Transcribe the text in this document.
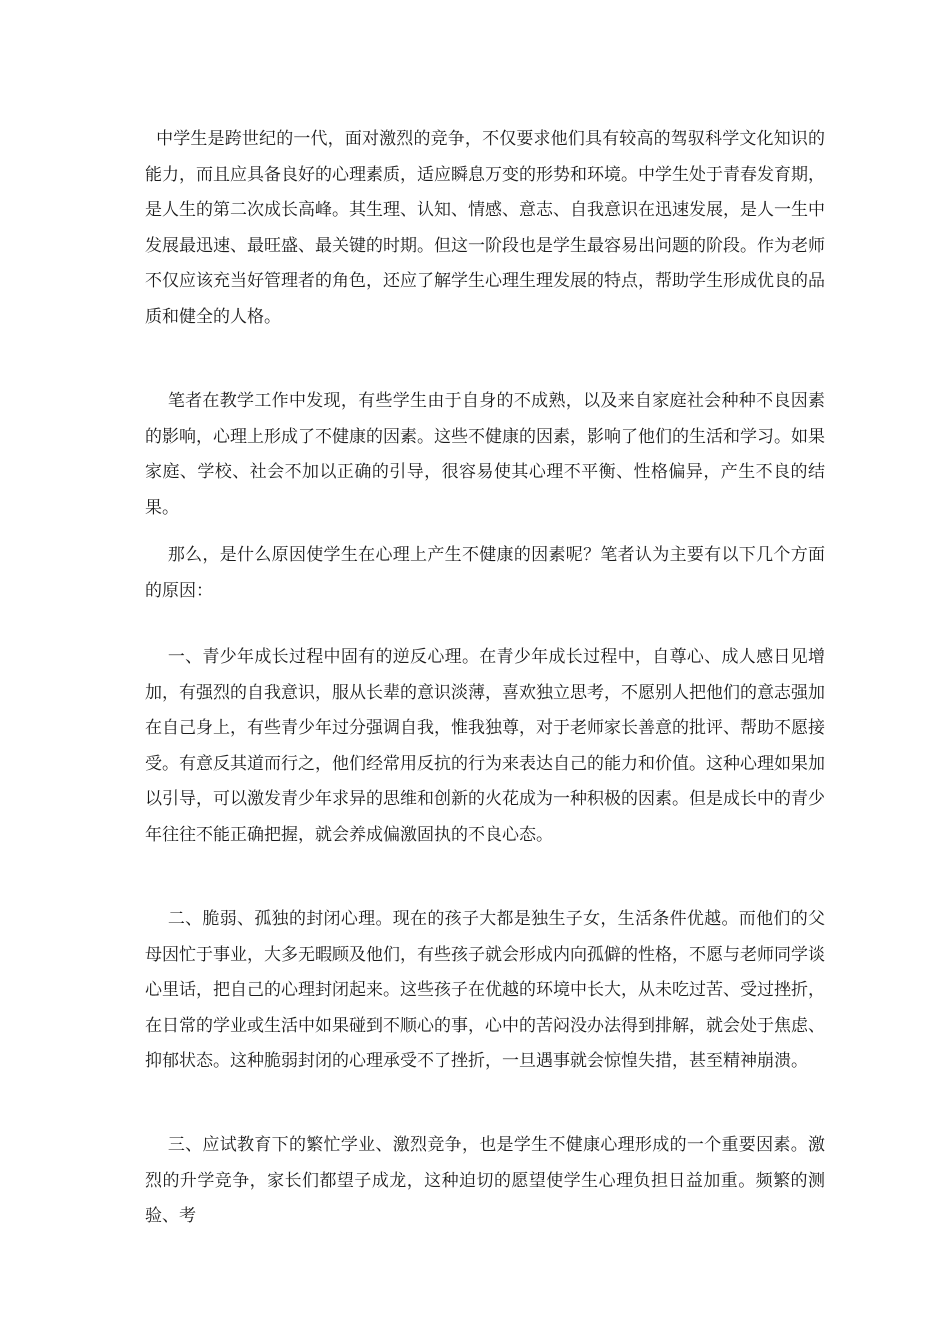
中学生是跨世纪的一代，面对激烈的竞争，不仅要求他们具有较高的驾驭科学文化知识的能力，而且应具备良好的心理素质，适应瞬息万变的形势和环境。中学生处于青春发育期，是人生的第二次成长高峰。其生理、认知、情感、意志、自我意识在迅速发展，是人一生中发展最迅速、最旺盛、最关键的时期。但这一阶段也是学生最容易出问题的阶段。作为老师不仅应该充当好管理者的角色，还应了解学生心理生理发展的特点，帮助学生形成优良的品质和健全的人格。

笔者在教学工作中发现，有些学生由于自身的不成熟，以及来自家庭社会种种不良因素的影响，心理上形成了不健康的因素。这些不健康的因素，影响了他们的生活和学习。如果家庭、学校、社会不加以正确的引导，很容易使其心理不平衡、性格偏异，产生不良的结果。

那么，是什么原因使学生在心理上产生不健康的因素呢？笔者认为主要有以下几个方面的原因：

一、青少年成长过程中固有的逆反心理。在青少年成长过程中，自尊心、成人感日见增加，有强烈的自我意识，服从长辈的意识淡薄，喜欢独立思考，不愿别人把他们的意志强加在自己身上，有些青少年过分强调自我，惟我独尊，对于老师家长善意的批评、帮助不愿接受。有意反其道而行之，他们经常用反抗的行为来表达自己的能力和价值。这种心理如果加以引导，可以激发青少年求异的思维和创新的火花成为一种积极的因素。但是成长中的青少年往往不能正确把握，就会养成偏激固执的不良心态。

二、脆弱、孤独的封闭心理。现在的孩子大都是独生子女，生活条件优越。而他们的父母因忙于事业，大多无暇顾及他们，有些孩子就会形成内向孤僻的性格，不愿与老师同学谈心里话，把自己的心理封闭起来。这些孩子在优越的环境中长大，从未吃过苦、受过挫折，在日常的学业或生活中如果碰到不顺心的事，心中的苦闷没办法得到排解，就会处于焦虑、抑郁状态。这种脆弱封闭的心理承受不了挫折，一旦遇事就会惊惶失措，甚至精神崩溃。

三、应试教育下的繁忙学业、激烈竞争，也是学生不健康心理形成的一个重要因素。激烈的升学竞争，家长们都望子成龙，这种迫切的愿望使学生心理负担日益加重。频繁的测验、考
